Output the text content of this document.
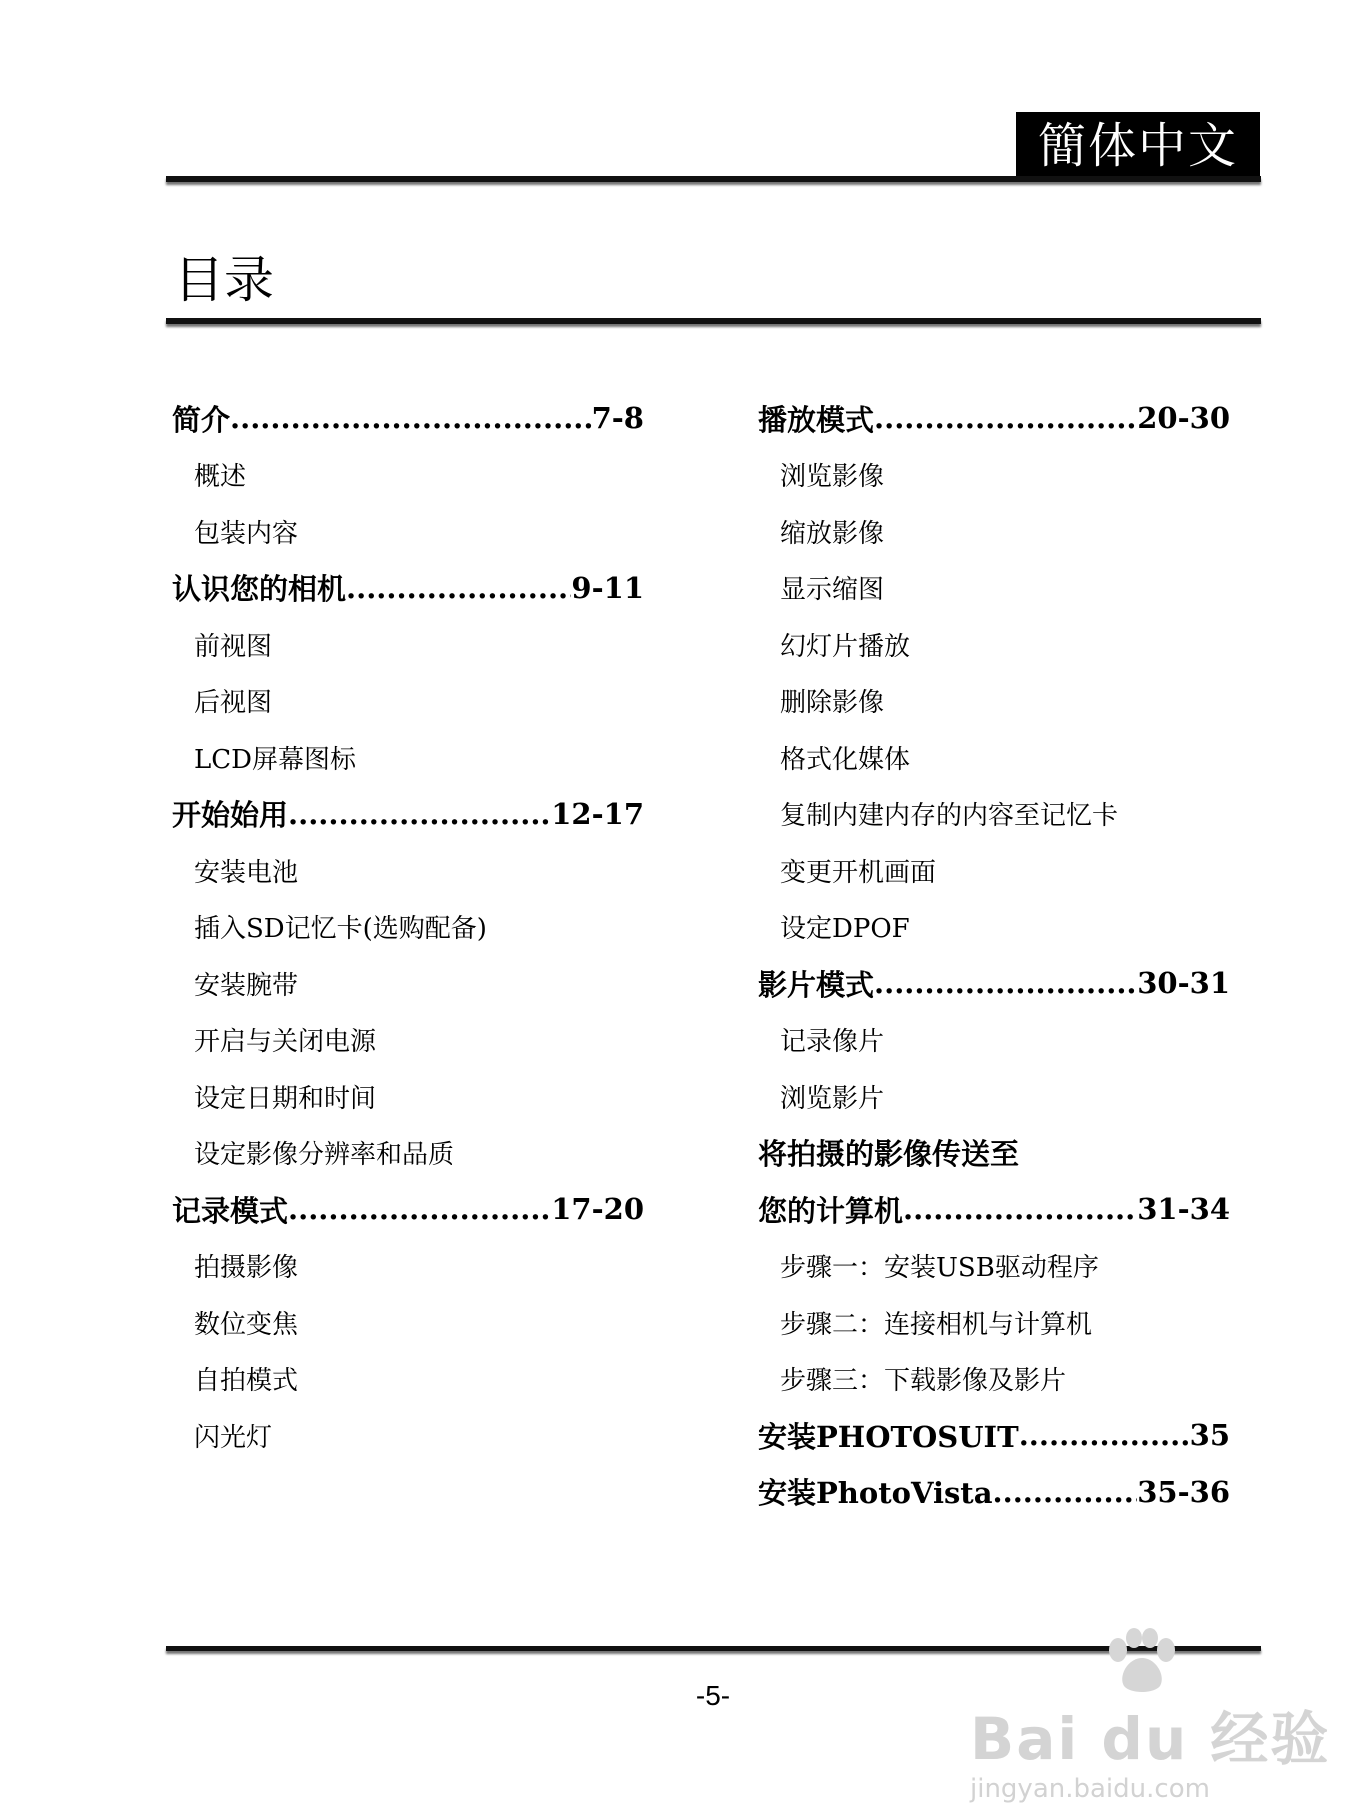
簡体中文
目录
简介 .....	7-8
概述
包装内容
认识您的相机 .....	9-11
前视图
后视图
LCD屏幕图标
开始始用 .....	12-17
安装电池
插入SD记忆卡(选购配备)
安装腕带
开启与关闭电源
设定日期和时间
设定影像分辨率和品质
记录模式 .....	17-20
拍摄影像
数位变焦
自拍模式
闪光灯
播放模式 .....	20-30
浏览影像
缩放影像
显示缩图
幻灯片播放
删除影像
格式化媒体
复制内建内存的内容至记忆卡
变更开机画面
设定DPOF
影片模式 .....	30-31
记录像片
浏览影片
将拍摄的影像传送至
您的计算机 .....	31-34
步骤一：安装USB驱动程序
步骤二：连接相机与计算机
步骤三：下载影像及影片
安装PHOTOSUIT .....	35
安装PhotoVista .....	35-36
-5-
Bai du 经验
jingyan.baidu.com
